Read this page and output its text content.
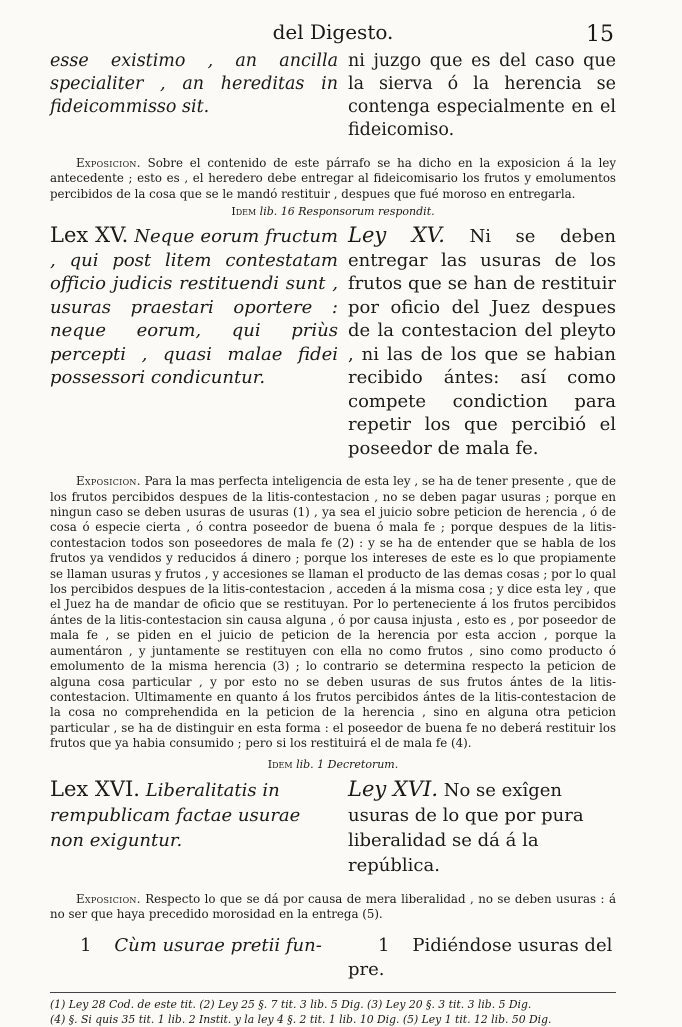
del Digesto.	15
esse existimo , an ancilla specialiter , an hereditas in fideicommisso sit.
ni juzgo que es del caso que la sierva ó la herencia se contenga especialmente en el fideicomiso.

Exposicion. Sobre el contenido de este párrafo se ha dicho en la exposicion á la ley antecedente ; esto es , el heredero debe entregar al fideicomisario los frutos y emolumentos percibidos de la cosa que se le mandó restituir , despues que fué moroso en entregarla.

Idem lib. 16 Responsorum respondit.
Lex XV. Neque eorum fructum , qui post litem contestatam officio judicis restituendi sunt , usuras praestari oportere : neque eorum, qui priùs percepti , quasi malae fidei possessori condicuntur.
Ley XV. Ni se deben entregar las usuras de los frutos que se han de restituir por oficio del Juez despues de la contestacion del pleyto , ni las de los que se habian recibido ántes: así como compete condiction para repetir los que percibió el poseedor de mala fe.

Exposicion. Para la mas perfecta inteligencia de esta ley , se ha de tener presente , que de los frutos percibidos despues de la litis-contestacion , no se deben pagar usuras ; porque en ningun caso se deben usuras de usuras (1) , ya sea el juicio sobre peticion de herencia , ó de cosa ó especie cierta , ó contra poseedor de buena ó mala fe ; porque despues de la litis-contestacion todos son poseedores de mala fe (2) : y se ha de entender que se habla de los frutos ya vendidos y reducidos á dinero ; porque los intereses de este es lo que propiamente se llaman usuras y frutos , y accesiones se llaman el producto de las demas cosas ; por lo qual los percibidos despues de la litis-contestacion , acceden á la misma cosa ; y dice esta ley , que el Juez ha de mandar de oficio que se restituyan. Por lo perteneciente á los frutos percibidos ántes de la litis-contestacion sin causa alguna , ó por causa injusta , esto es , por poseedor de mala fe , se piden en el juicio de peticion de la herencia por esta accion , porque la aumentáron , y juntamente se restituyen con ella no como frutos , sino como producto ó emolumento de la misma herencia (3) ; lo contrario se determina respecto la peticion de alguna cosa particular , y por esto no se deben usuras de sus frutos ántes de la litis-contestacion. Ultimamente en quanto á los frutos percibidos ántes de la litis-contestacion de la cosa no comprehendida en la peticion de la herencia , sino en alguna otra peticion particular , se ha de distinguir en esta forma : el poseedor de buena fe no deberá restituir los frutos que ya habia consumido ; pero si los restituirá el de mala fe (4).

Idem lib. 1 Decretorum.
Lex XVI. Liberalitatis in rempublicam factae usurae non exiguntur.
Ley XVI. No se exîgen usuras de lo que por pura liberalidad se dá á la república.

Exposicion. Respecto lo que se dá por causa de mera liberalidad , no se deben usuras : á no ser que haya precedido morosidad en la entrega (5).

1 Cùm usurae pretii fun-	1 Pidiéndose usuras del pre.
(1) Ley 28 Cod. de este tit. (2) Ley 25 §. 7 tit. 3 lib. 5 Dig. (3) Ley 20 §. 3 tit. 3 lib. 5 Dig.
(4) §. Si quis 35 tit. 1 lib. 2 Instit. y la ley 4 §. 2 tit. 1 lib. 10 Dig. (5) Ley 1 tit. 12 lib. 50 Dig.
